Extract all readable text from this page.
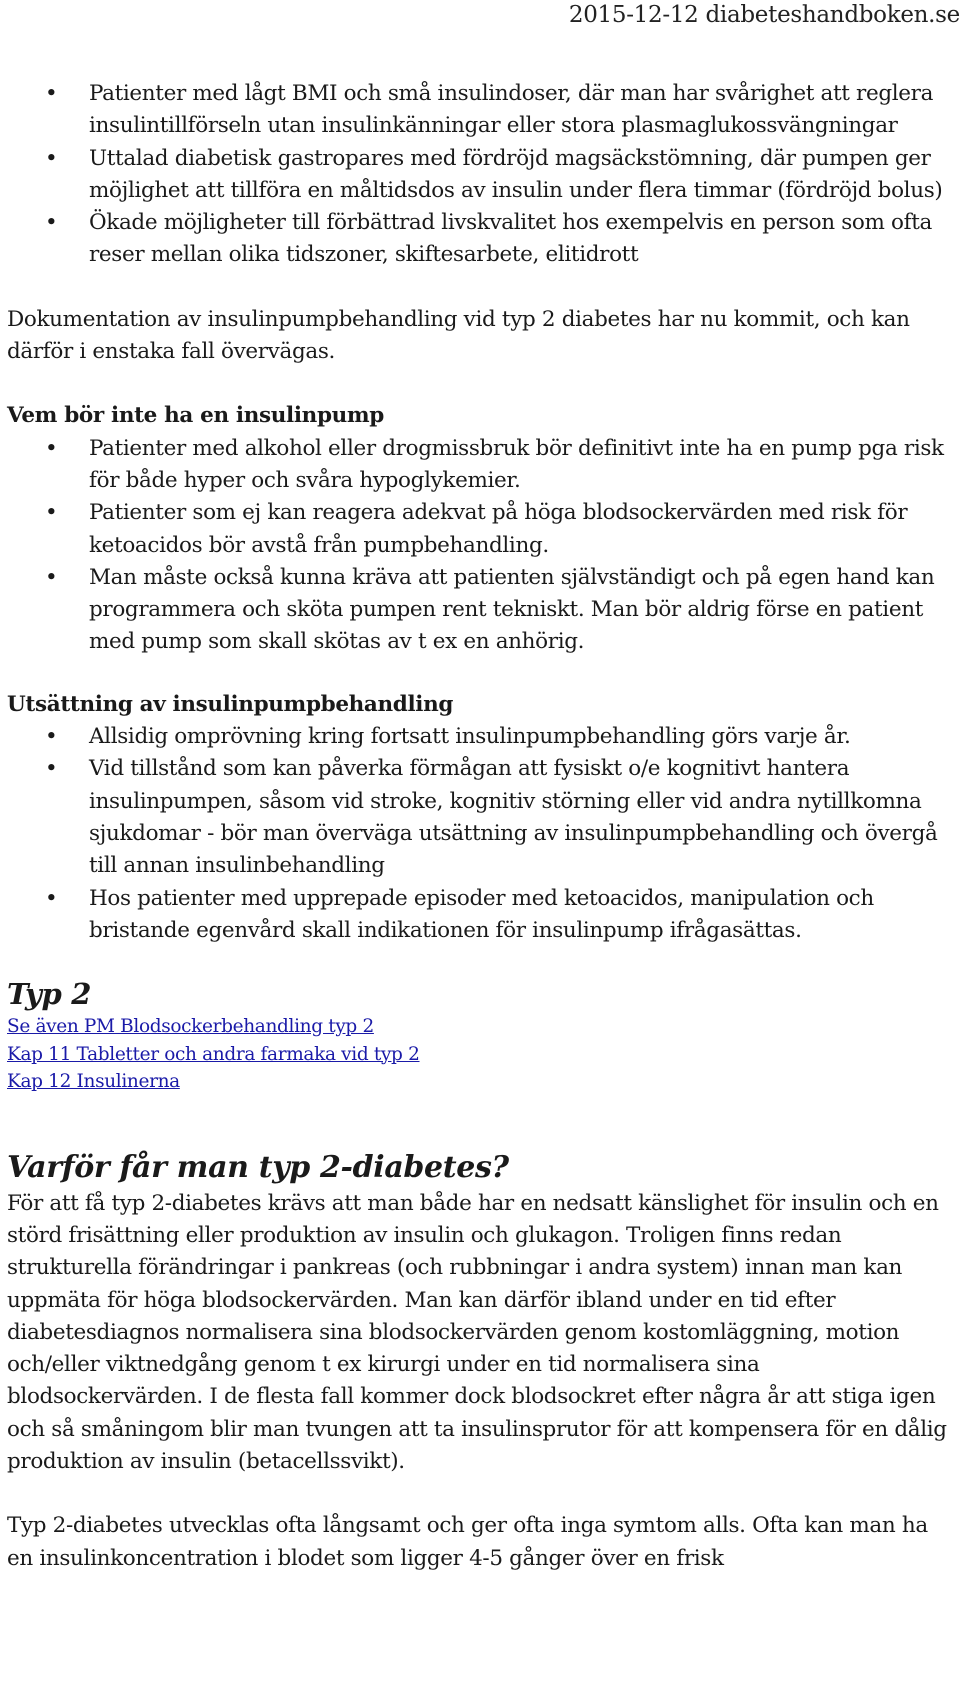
2015-12-12 diabeteshandboken.se
• Patienter med lågt BMI och små insulindoser, där man har svårighet att reglera insulintillförseln utan insulinkänningar eller stora plasmaglukossvängningar
• Uttalad diabetisk gastropares med fördröjd magsäckstömning, där pumpen ger möjlighet att tillföra en måltidsdos av insulin under flera timmar (fördröjd bolus)
• Ökade möjligheter till förbättrad livskvalitet hos exempelvis en person som ofta reser mellan olika tidszoner, skiftesarbete, elitidrott

Dokumentation av insulinpumpbehandling vid typ 2 diabetes har nu kommit, och kan därför i enstaka fall övervägas.

Vem bör inte ha en insulinpump
• Patienter med alkohol eller drogmissbruk bör definitivt inte ha en pump pga risk för både hyper och svåra hypoglykemier.
• Patienter som ej kan reagera adekvat på höga blodsockervärden med risk för ketoacidos bör avstå från pumpbehandling.
• Man måste också kunna kräva att patienten självständigt och på egen hand kan programmera och sköta pumpen rent tekniskt. Man bör aldrig förse en patient med pump som skall skötas av t ex en anhörig.
Utsättning av insulinpumpbehandling
• Allsidig omprövning kring fortsatt insulinpumpbehandling görs varje år.
• Vid tillstånd som kan påverka förmågan att fysiskt o/e kognitivt hantera insulinpumpen, såsom vid stroke, kognitiv störning eller vid andra nytillkomna sjukdomar - bör man överväga utsättning av insulinpumpbehandling och övergå till annan insulinbehandling
• Hos patienter med upprepade episoder med ketoacidos, manipulation och bristande egenvård skall indikationen för insulinpump ifrågasättas.
Typ 2
Se även PM Blodsockerbehandling typ 2
Kap 11 Tabletter och andra farmaka vid typ 2
Kap 12 Insulinerna
Varför får man typ 2-diabetes?

För att få typ 2-diabetes krävs att man både har en nedsatt känslighet för insulin och en störd frisättning eller produktion av insulin och glukagon. Troligen finns redan strukturella förändringar i pankreas (och rubbningar i andra system) innan man kan uppmäta för höga blodsockervärden. Man kan därför ibland under en tid efter diabetesdiagnos normalisera sina blodsockervärden genom kostomläggning, motion och/eller viktnedgång genom t ex kirurgi under en tid normalisera sina blodsockervärden. I de flesta fall kommer dock blodsockret efter några år att stiga igen och så småningom blir man tvungen att ta insulinsprutor för att kompensera för en dålig produktion av insulin (betacellssvikt).

Typ 2-diabetes utvecklas ofta långsamt och ger ofta inga symtom alls. Ofta kan man ha en insulinkoncentration i blodet som ligger 4-5 gånger över en frisk
